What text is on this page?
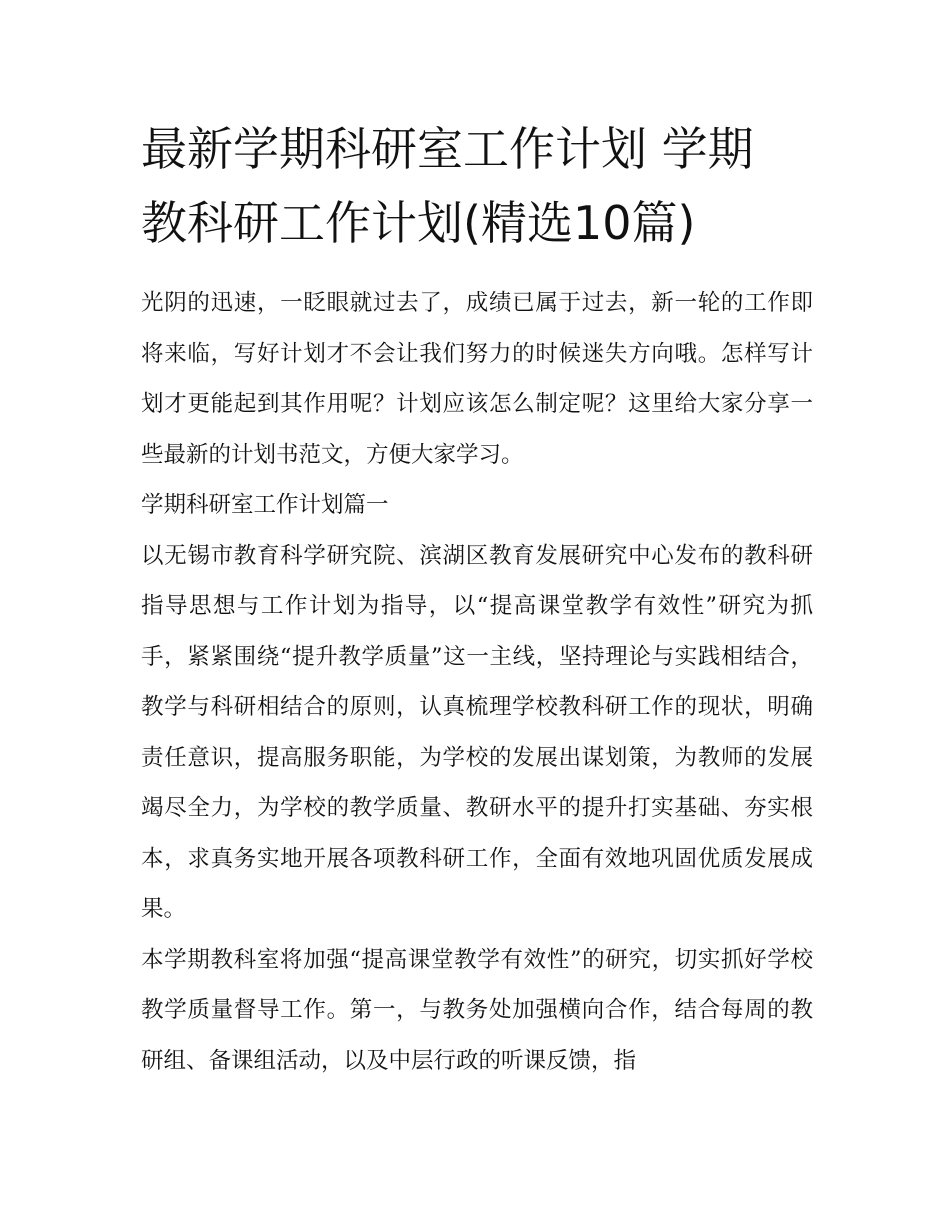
最新学期科研室工作计划 学期
教科研工作计划(精选10篇)

光阴的迅速，一眨眼就过去了，成绩已属于过去，新一轮的工作即将来临，写好计划才不会让我们努力的时候迷失方向哦。怎样写计划才更能起到其作用呢？计划应该怎么制定呢？这里给大家分享一些最新的计划书范文，方便大家学习。

学期科研室工作计划篇一

以无锡市教育科学研究院、滨湖区教育发展研究中心发布的教科研指导思想与工作计划为指导，以“提高课堂教学有效性”研究为抓手，紧紧围绕“提升教学质量”这一主线，坚持理论与实践相结合，教学与科研相结合的原则，认真梳理学校教科研工作的现状，明确责任意识，提高服务职能，为学校的发展出谋划策，为教师的发展竭尽全力，为学校的教学质量、教研水平的提升打实基础、夯实根本，求真务实地开展各项教科研工作，全面有效地巩固优质发展成果。

本学期教科室将加强“提高课堂教学有效性”的研究，切实抓好学校教学质量督导工作。第一，与教务处加强横向合作，结合每周的教研组、备课组活动，以及中层行政的听课反馈，指
